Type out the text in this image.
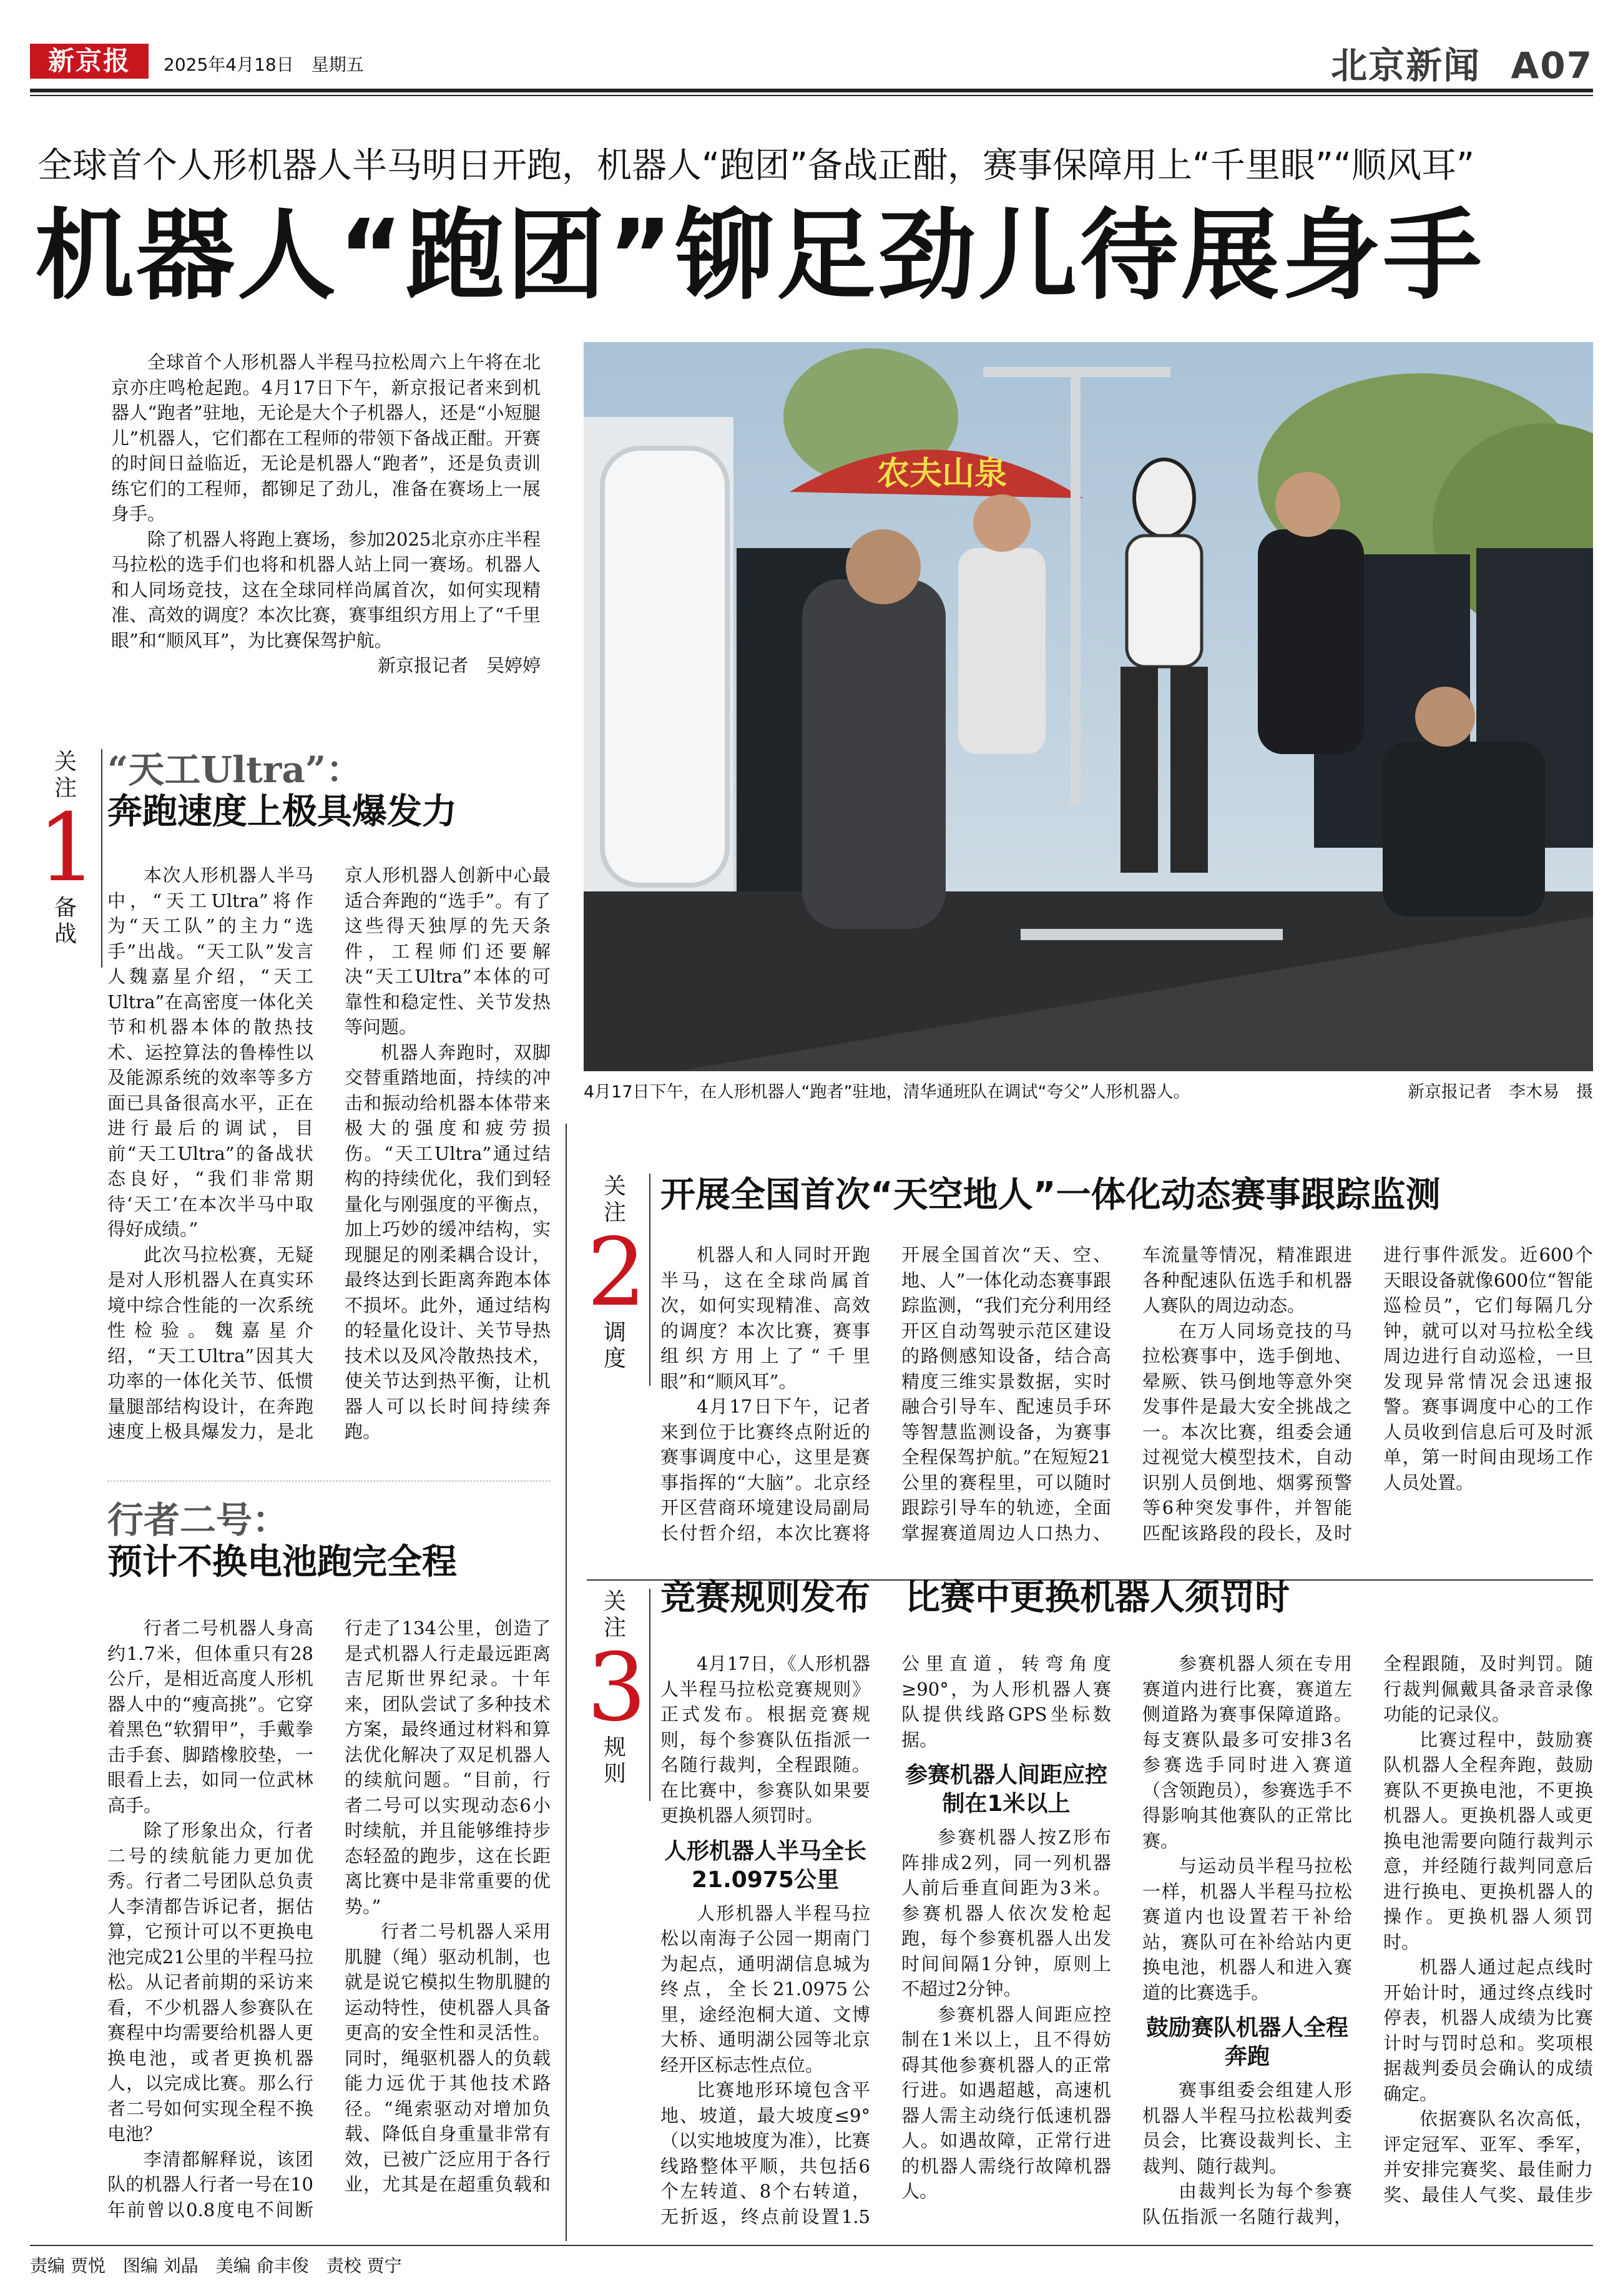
新京报	2025年4月18日　星期五	北京新闻 A07
全球首个人形机器人半马明日开跑，机器人“跑团”备战正酣，赛事保障用上“千里眼”“顺风耳”
机器人“跑团”铆足劲儿待展身手

全球首个人形机器人半程马拉松周六上午将在北京亦庄鸣枪起跑。4月17日下午，新京报记者来到机器人“跑者”驻地，无论是大个子机器人，还是“小短腿儿”机器人，它们都在工程师的带领下备战正酣。开赛的时间日益临近，无论是机器人“跑者”，还是负责训练它们的工程师，都铆足了劲儿，准备在赛场上一展身手。

除了机器人将跑上赛场，参加2025北京亦庄半程马拉松的选手们也将和机器人站上同一赛场。机器人和人同场竞技，这在全球同样尚属首次，如何实现精准、高效的调度？本次比赛，赛事组织方用上了“千里眼”和“顺风耳”，为比赛保驾护航。

新京报记者　吴婷婷

关注
1
备战
“天工Ultra”：
奔跑速度上极具爆发力

本次人形机器人半马中，“天工Ultra”将作为“天工队”的主力“选手”出战。“天工队”发言人魏嘉星介绍，“天工Ultra”在高密度一体化关节和机器本体的散热技术、运控算法的鲁棒性以及能源系统的效率等多方面已具备很高水平，正在进行最后的调试，目前“天工Ultra”的备战状态良好，“我们非常期待‘天工’在本次半马中取得好成绩。”

此次马拉松赛，无疑是对人形机器人在真实环境中综合性能的一次系统性检验。魏嘉星介绍，“天工Ultra”因其大功率的一体化关节、低惯量腿部结构设计，在奔跑速度上极具爆发力，是北京人形机器人创新中心最适合奔跑的“选手”。有了这些得天独厚的先天条件，工程师们还要解决“天工Ultra”本体的可靠性和稳定性、关节发热等问题。

机器人奔跑时，双脚交替重踏地面，持续的冲击和振动给机器本体带来极大的强度和疲劳损伤。“天工Ultra”通过结构的持续优化，我们到轻量化与刚强度的平衡点，加上巧妙的缓冲结构，实现腿足的刚柔耦合设计，最终达到长距离奔跑本体不损坏。此外，通过结构的轻量化设计、关节导热技术以及风冷散热技术，使关节达到热平衡，让机器人可以长时间持续奔跑。

行者二号：
预计不换电池跑完全程

行者二号机器人身高约1.7米，但体重只有28公斤，是相近高度人形机器人中的“瘦高挑”。它穿着黑色“软猬甲”，手戴拳击手套、脚踏橡胶垫，一眼看上去，如同一位武林高手。

除了形象出众，行者二号的续航能力更加优秀。行者二号团队总负责人李清都告诉记者，据估算，它预计可以不更换电池完成21公里的半程马拉松。从记者前期的采访来看，不少机器人参赛队在赛程中均需要给机器人更换电池，或者更换机器人，以完成比赛。那么行者二号如何实现全程不换电池？

李清都解释说，该团队的机器人行者一号在10年前曾以0.8度电不间断行走了134公里，创造了是式机器人行走最远距离吉尼斯世界纪录。十年来，团队尝试了多种技术方案，最终通过材料和算法优化解决了双足机器人的续航问题。“目前，行者二号可以实现动态6小时续航，并且能够维持步态轻盈的跑步，这在长距离比赛中是非常重要的优势。”

行者二号机器人采用肌腱（绳）驱动机制，也就是说它模拟生物肌腱的运动特性，使机器人具备更高的安全性和灵活性。同时，绳驱机器人的负载能力远优于其他技术路径。“绳索驱动对增加负载、降低自身重量非常有效，已被广泛应用于各行业，尤其是在超重负载和

农夫山泉
4月17日下午，在人形机器人“跑者”驻地，清华通班队在调试“夸父”人形机器人。	新京报记者　李木易　摄
关注
2
调度
开展全国首次“天空地人”一体化动态赛事跟踪监测

机器人和人同时开跑半马，这在全球尚属首次，如何实现精准、高效的调度？本次比赛，赛事组织方用上了“千里眼”和“顺风耳”。

4月17日下午，记者来到位于比赛终点附近的赛事调度中心，这里是赛事指挥的“大脑”。北京经开区营商环境建设局副局长付哲介绍，本次比赛将开展全国首次“天、空、地、人”一体化动态赛事跟踪监测，“我们充分利用经开区自动驾驶示范区建设的路侧感知设备，结合高精度三维实景数据，实时融合引导车、配速员手环等智慧监测设备，为赛事全程保驾护航。”在短短21公里的赛程里，可以随时跟踪引导车的轨迹，全面掌握赛道周边人口热力、车流量等情况，精准跟进各种配速队伍选手和机器人赛队的周边动态。

在万人同场竞技的马拉松赛事中，选手倒地、晕厥、铁马倒地等意外突发事件是最大安全挑战之一。本次比赛，组委会通过视觉大模型技术，自动识别人员倒地、烟雾预警等6种突发事件，并智能匹配该路段的段长，及时进行事件派发。近600个天眼设备就像600位“智能巡检员”，它们每隔几分钟，就可以对马拉松全线周边进行自动巡检，一旦发现异常情况会迅速报警。赛事调度中心的工作人员收到信息后可及时派单，第一时间由现场工作人员处置。

关注
3
规则
竞赛规则发布　比赛中更换机器人须罚时

4月17日，《人形机器人半程马拉松竞赛规则》正式发布。根据竞赛规则，每个参赛队伍指派一名随行裁判，全程跟随。在比赛中，参赛队如果要更换机器人须罚时。

人形机器人半马全长21.0975公里

人形机器人半程马拉松以南海子公园一期南门为起点，通明湖信息城为终点，全长21.0975公里，途经泡桐大道、文博大桥、通明湖公园等北京经开区标志性点位。

比赛地形环境包含平地、坡道，最大坡度≤9°（以实地坡度为准），比赛线路整体平顺，共包括6个左转道、8个右转道，无折返，终点前设置1.5公里直道，转弯角度≥90°，为人形机器人赛队提供线路GPS坐标数据。

参赛机器人间距应控制在1米以上

参赛机器人按Z形布阵排成2列，同一列机器人前后垂直间距为3米。参赛机器人依次发枪起跑，每个参赛机器人出发时间间隔1分钟，原则上不超过2分钟。

参赛机器人间距应控制在1米以上，且不得妨碍其他参赛机器人的正常行进。如遇超越，高速机器人需主动绕行低速机器人。如遇故障，正常行进的机器人需绕行故障机器人。

参赛机器人须在专用赛道内进行比赛，赛道左侧道路为赛事保障道路。每支赛队最多可安排3名参赛选手同时进入赛道（含领跑员），参赛选手不得影响其他赛队的正常比赛。

与运动员半程马拉松一样，机器人半程马拉松赛道内也设置若干补给站，赛队可在补给站内更换电池，机器人和进入赛道的比赛选手。

鼓励赛队机器人全程奔跑

赛事组委会组建人形机器人半程马拉松裁判委员会，比赛设裁判长、主裁判、随行裁判。

由裁判长为每个参赛队伍指派一名随行裁判，全程跟随，及时判罚。随行裁判佩戴具备录音录像功能的记录仪。

比赛过程中，鼓励赛队机器人全程奔跑，鼓励赛队不更换电池，不更换机器人。更换机器人或更换电池需要向随行裁判示意，并经随行裁判同意后进行换电、更换机器人的操作。更换机器人须罚时。

机器人通过起点线时开始计时，通过终点线时停表，机器人成绩为比赛计时与罚时总和。奖项根据裁判委员会确认的成绩确定。

依据赛队名次高低，评定冠军、亚军、季军，并安排完赛奖、最佳耐力奖、最佳人气奖、最佳步

责编 贾悦　图编 刘晶　美编 俞丰俊　责校 贾宁
